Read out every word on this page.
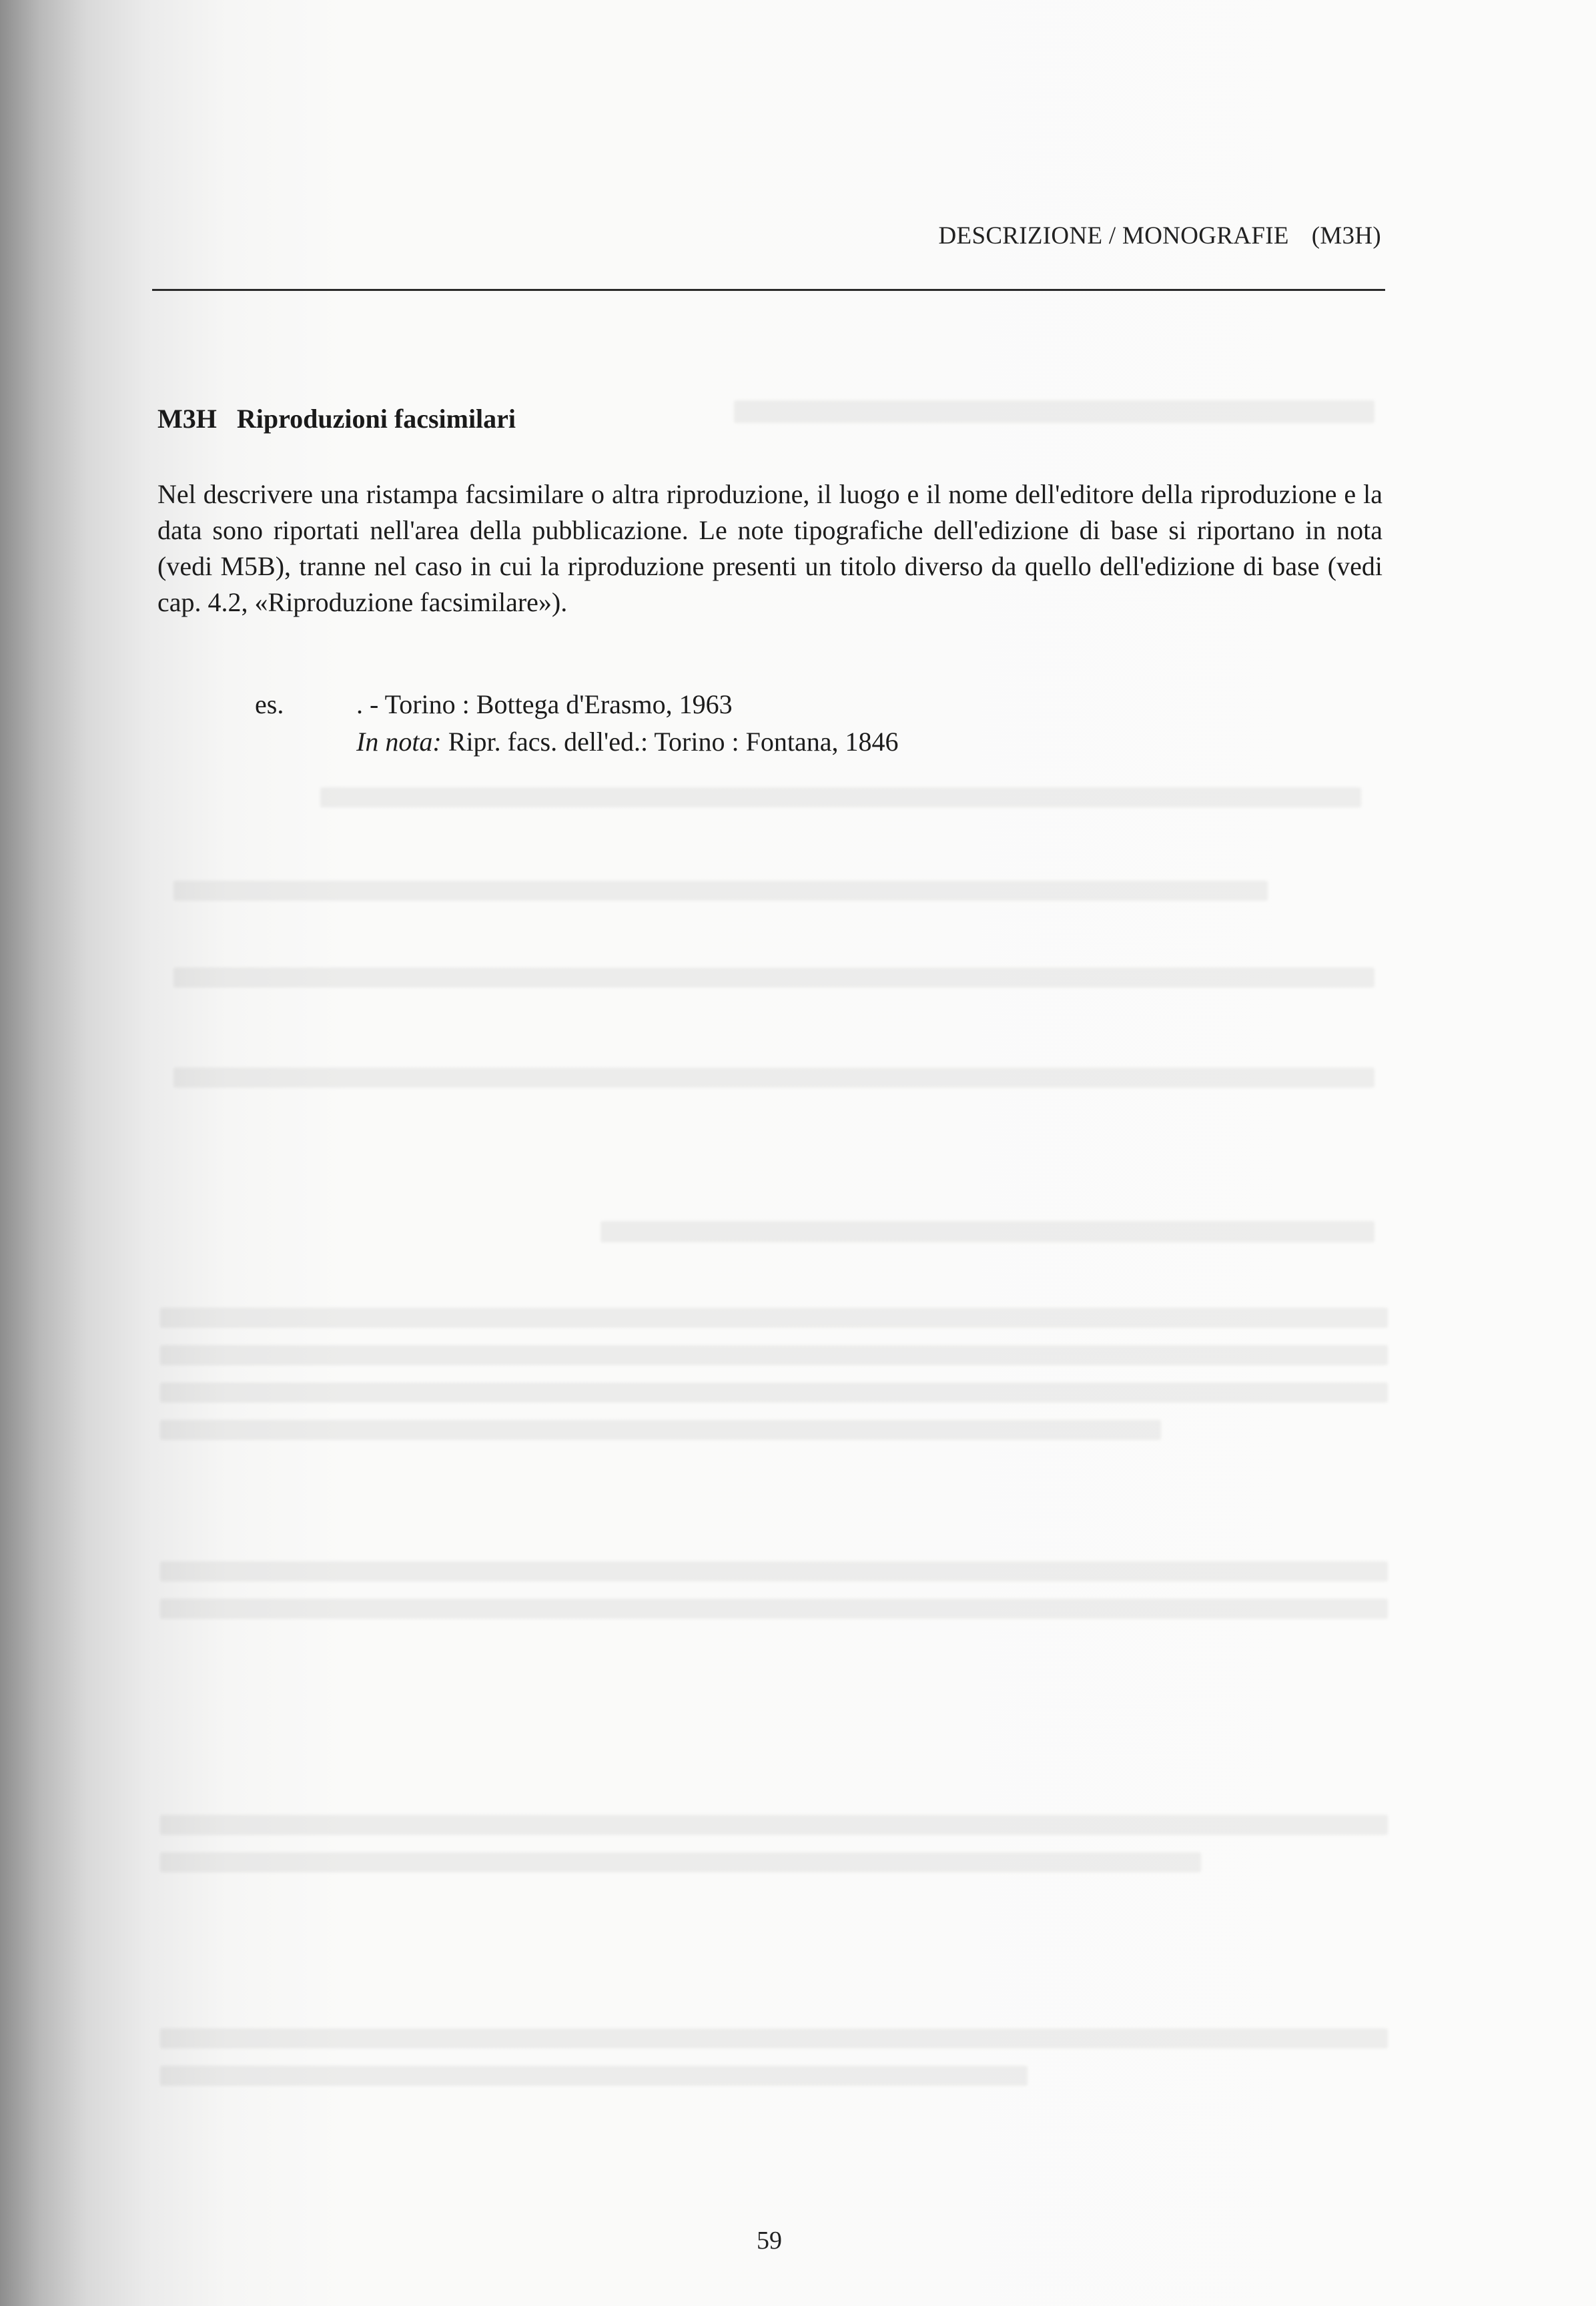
DESCRIZIONE / MONOGRAFIE (M3H)
M3H Riproduzioni facsimilari

Nel descrivere una ristampa facsimilare o altra riproduzione, il luogo e il nome dell'editore della riproduzione e la data sono riportati nell'area della pubblicazione. Le note tipografiche dell'edizione di base si riportano in nota (vedi M5B), tranne nel caso in cui la riproduzione presenti un titolo diverso da quello dell'edizione di base (vedi cap. 4.2, «Riproduzione facsimilare»).

es.	. - Torino : Bottega d'Erasmo, 1963
In nota: Ripr. facs. dell'ed.: Torino : Fontana, 1846
59
